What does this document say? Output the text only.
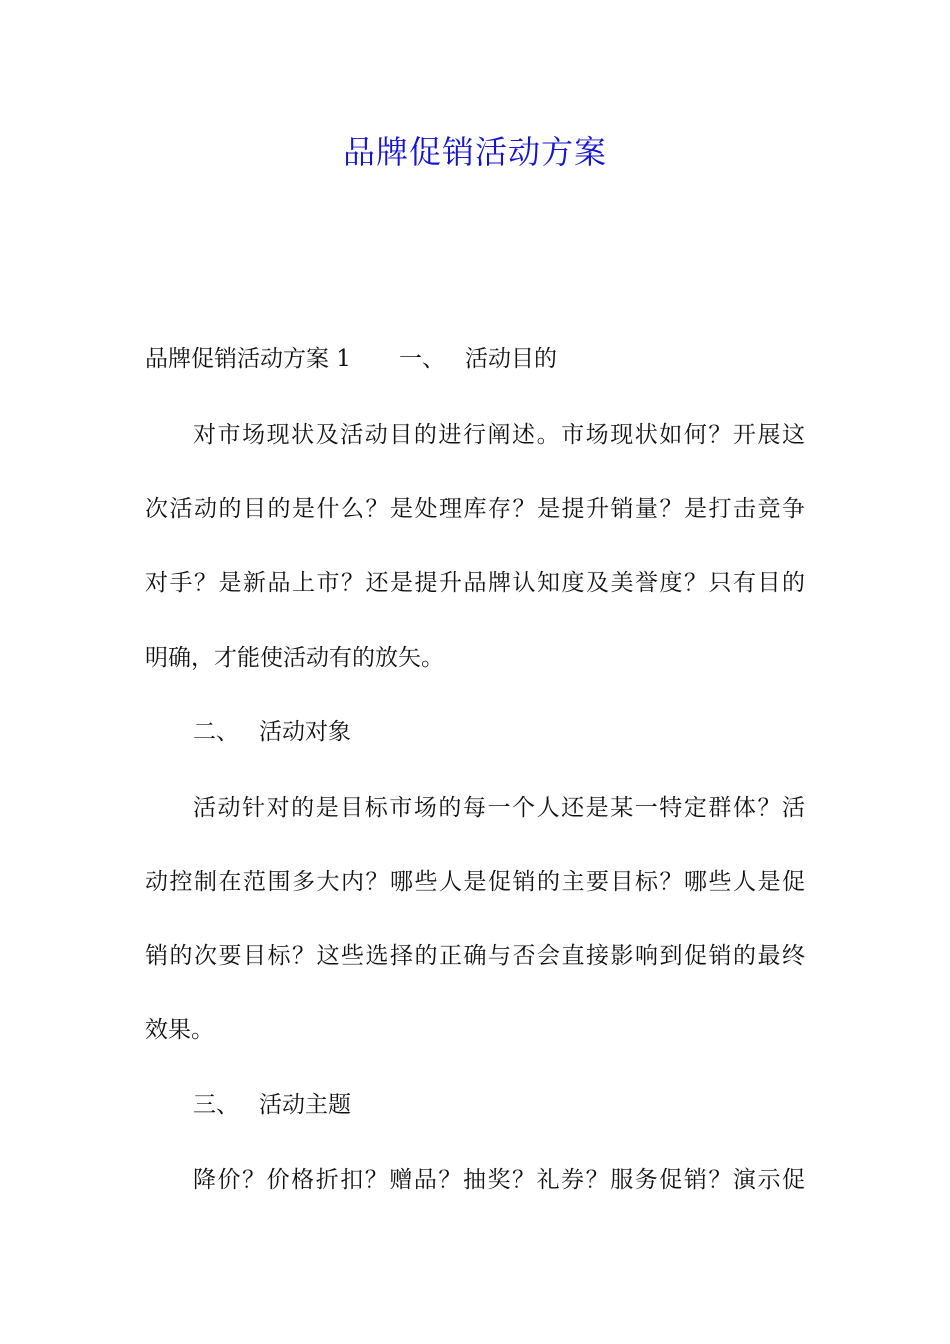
品牌促销活动方案
品牌促销活动方案 1 一、 活动目的
对市场现状及活动目的进行阐述。市场现状如何？开展这
次活动的目的是什么？是处理库存？是提升销量？是打击竞争
对手？是新品上市？还是提升品牌认知度及美誉度？只有目的
明确，才能使活动有的放矢。
二、 活动对象
活动针对的是目标市场的每一个人还是某一特定群体？活
动控制在范围多大内？哪些人是促销的主要目标？哪些人是促
销的次要目标？这些选择的正确与否会直接影响到促销的最终
效果。
三、 活动主题
降价？价格折扣？赠品？抽奖？礼券？服务促销？演示促
